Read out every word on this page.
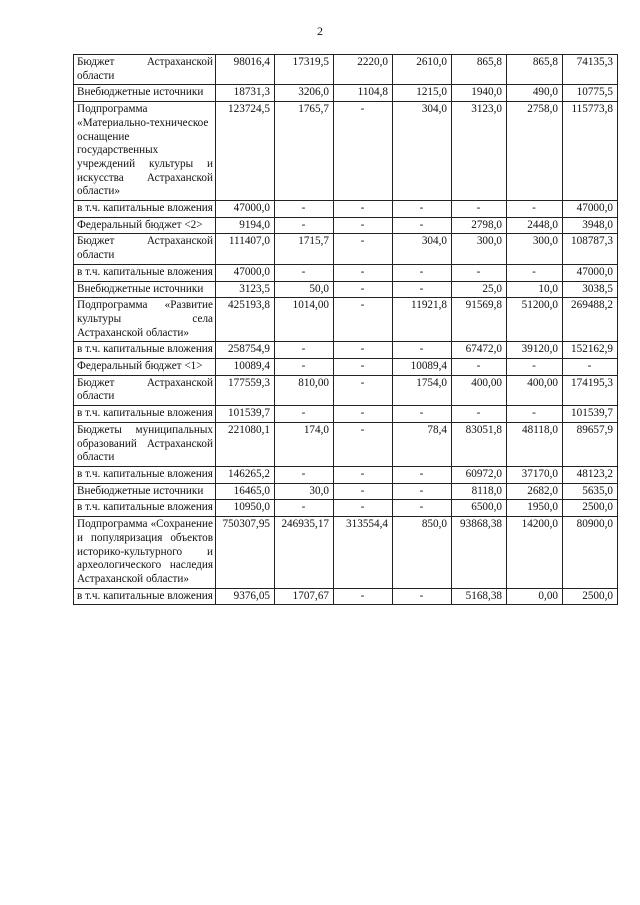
2
Бюджет Астраханской области	98016,4	17319,5	2220,0	2610,0	865,8	865,8	74135,3
Внебюджетные источники	18731,3	3206,0	1104,8	1215,0	1940,0	490,0	10775,5
Подпрограмма «Материально-техническое оснащение государственных учреждений культуры и искусства Астраханской области»	123724,5	1765,7	-	304,0	3123,0	2758,0	115773,8
в т.ч. капитальные вложения	47000,0	-	-	-	-	-	47000,0
Федеральный бюджет <2>	9194,0	-	-	-	2798,0	2448,0	3948,0
Бюджет Астраханской области	111407,0	1715,7	-	304,0	300,0	300,0	108787,3
в т.ч. капитальные вложения	47000,0	-	-	-	-	-	47000,0
Внебюджетные источники	3123,5	50,0	-	-	25,0	10,0	3038,5
Подпрограмма «Развитие культуры села Астраханской области»	425193,8	1014,00	-	11921,8	91569,8	51200,0	269488,2
в т.ч. капитальные вложения	258754,9	-	-	-	67472,0	39120,0	152162,9
Федеральный бюджет <1>	10089,4	-	-	10089,4	-	-	-
Бюджет Астраханской области	177559,3	810,00	-	1754,0	400,00	400,00	174195,3
в т.ч. капитальные вложения	101539,7	-	-	-	-	-	101539,7
Бюджеты муниципальных образований Астраханской области	221080,1	174,0	-	78,4	83051,8	48118,0	89657,9
в т.ч. капитальные вложения	146265,2	-	-	-	60972,0	37170,0	48123,2
Внебюджетные источники	16465,0	30,0	-	-	8118,0	2682,0	5635,0
в т.ч. капитальные вложения	10950,0	-	-	-	6500,0	1950,0	2500,0
Подпрограмма «Сохранение и популяризация объектов историко-культурного и археологического наследия Астраханской области»	750307,95	246935,17	313554,4	850,0	93868,38	14200,0	80900,0
в т.ч. капитальные вложения	9376,05	1707,67	-	-	5168,38	0,00	2500,0
